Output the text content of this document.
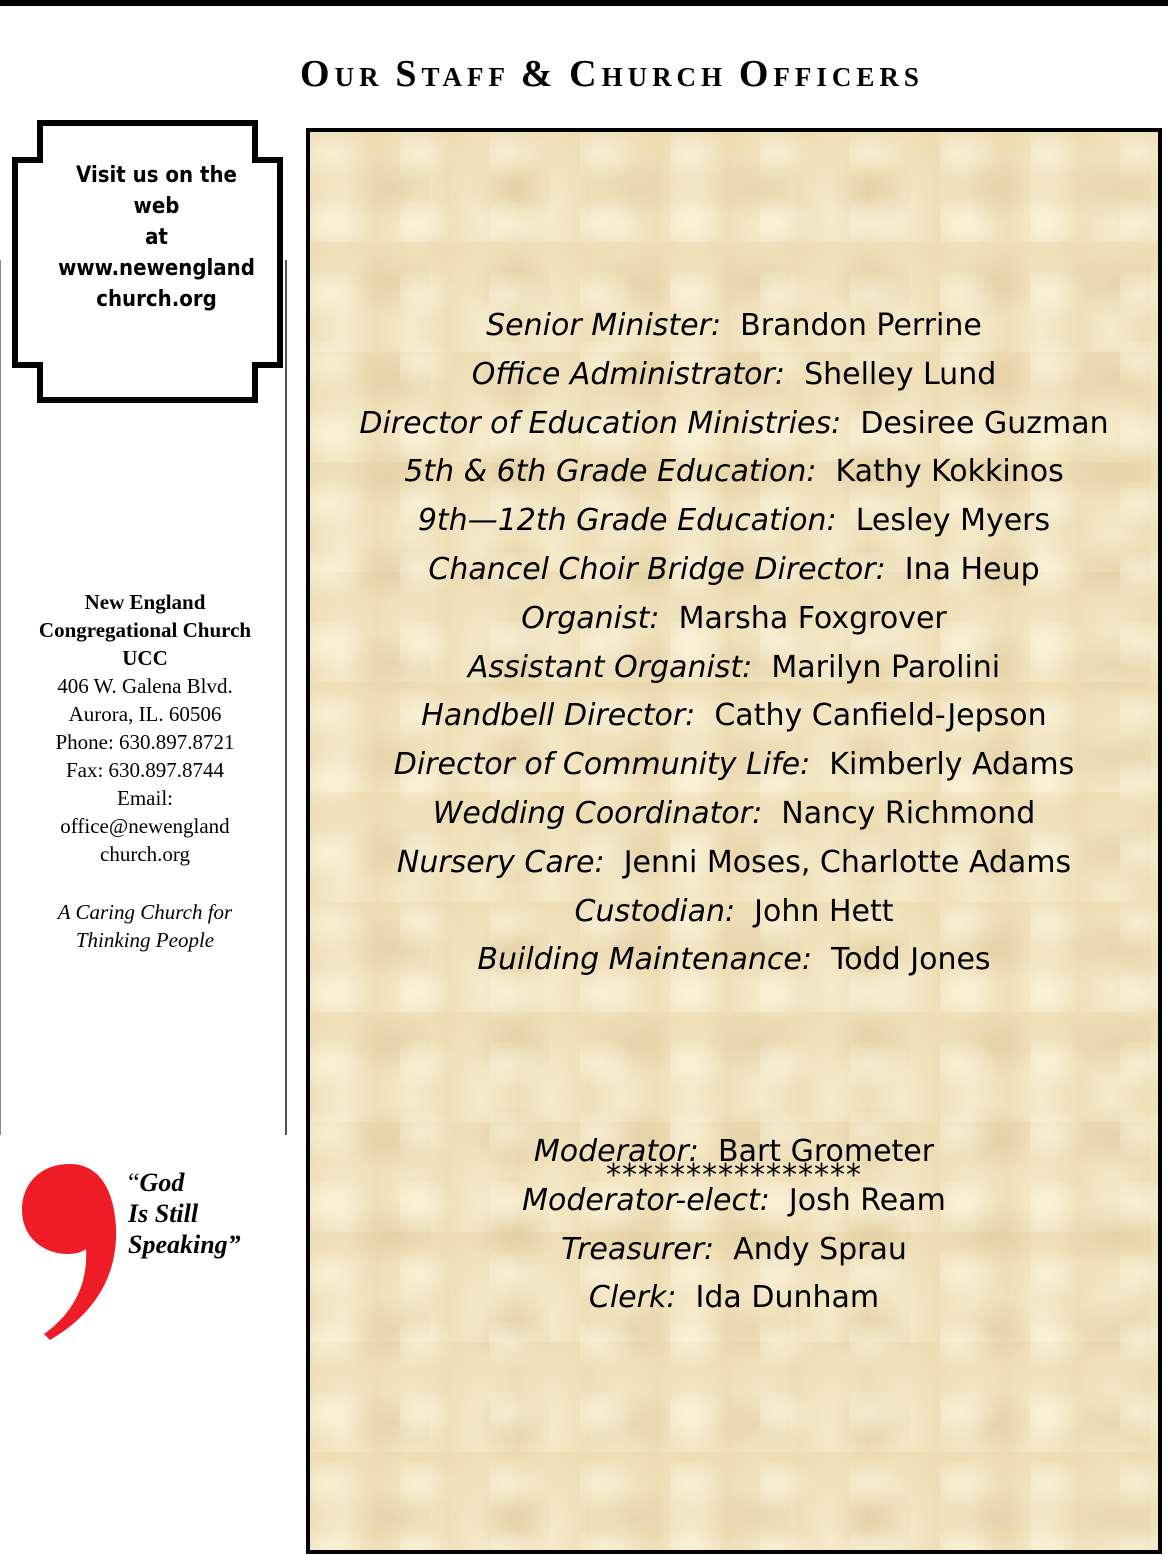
OUR STAFF & CHURCH OFFICERS
Visit us on the
web
at
www.newengland
church.org
New England
Congregational Church
UCC
406 W. Galena Blvd.
Aurora, IL. 60506
Phone: 630.897.8721
Fax: 630.897.8744
Email:
office@newengland
church.org
A Caring Church for
Thinking People
“God
Is Still
Speaking”
Senior Minister: Brandon Perrine
Office Administrator: Shelley Lund
Director of Education Ministries: Desiree Guzman
5th & 6th Grade Education: Kathy Kokkinos
9th—12th Grade Education: Lesley Myers
Chancel Choir Bridge Director: Ina Heup
Organist: Marsha Foxgrover
Assistant Organist: Marilyn Parolini
Handbell Director: Cathy Canfield-Jepson
Director of Community Life: Kimberly Adams
Wedding Coordinator: Nancy Richmond
Nursery Care: Jenni Moses, Charlotte Adams
Custodian: John Hett
Building Maintenance: Todd Jones
****************
Moderator: Bart Grometer
Moderator-elect: Josh Ream
Treasurer: Andy Sprau
Clerk: Ida Dunham
